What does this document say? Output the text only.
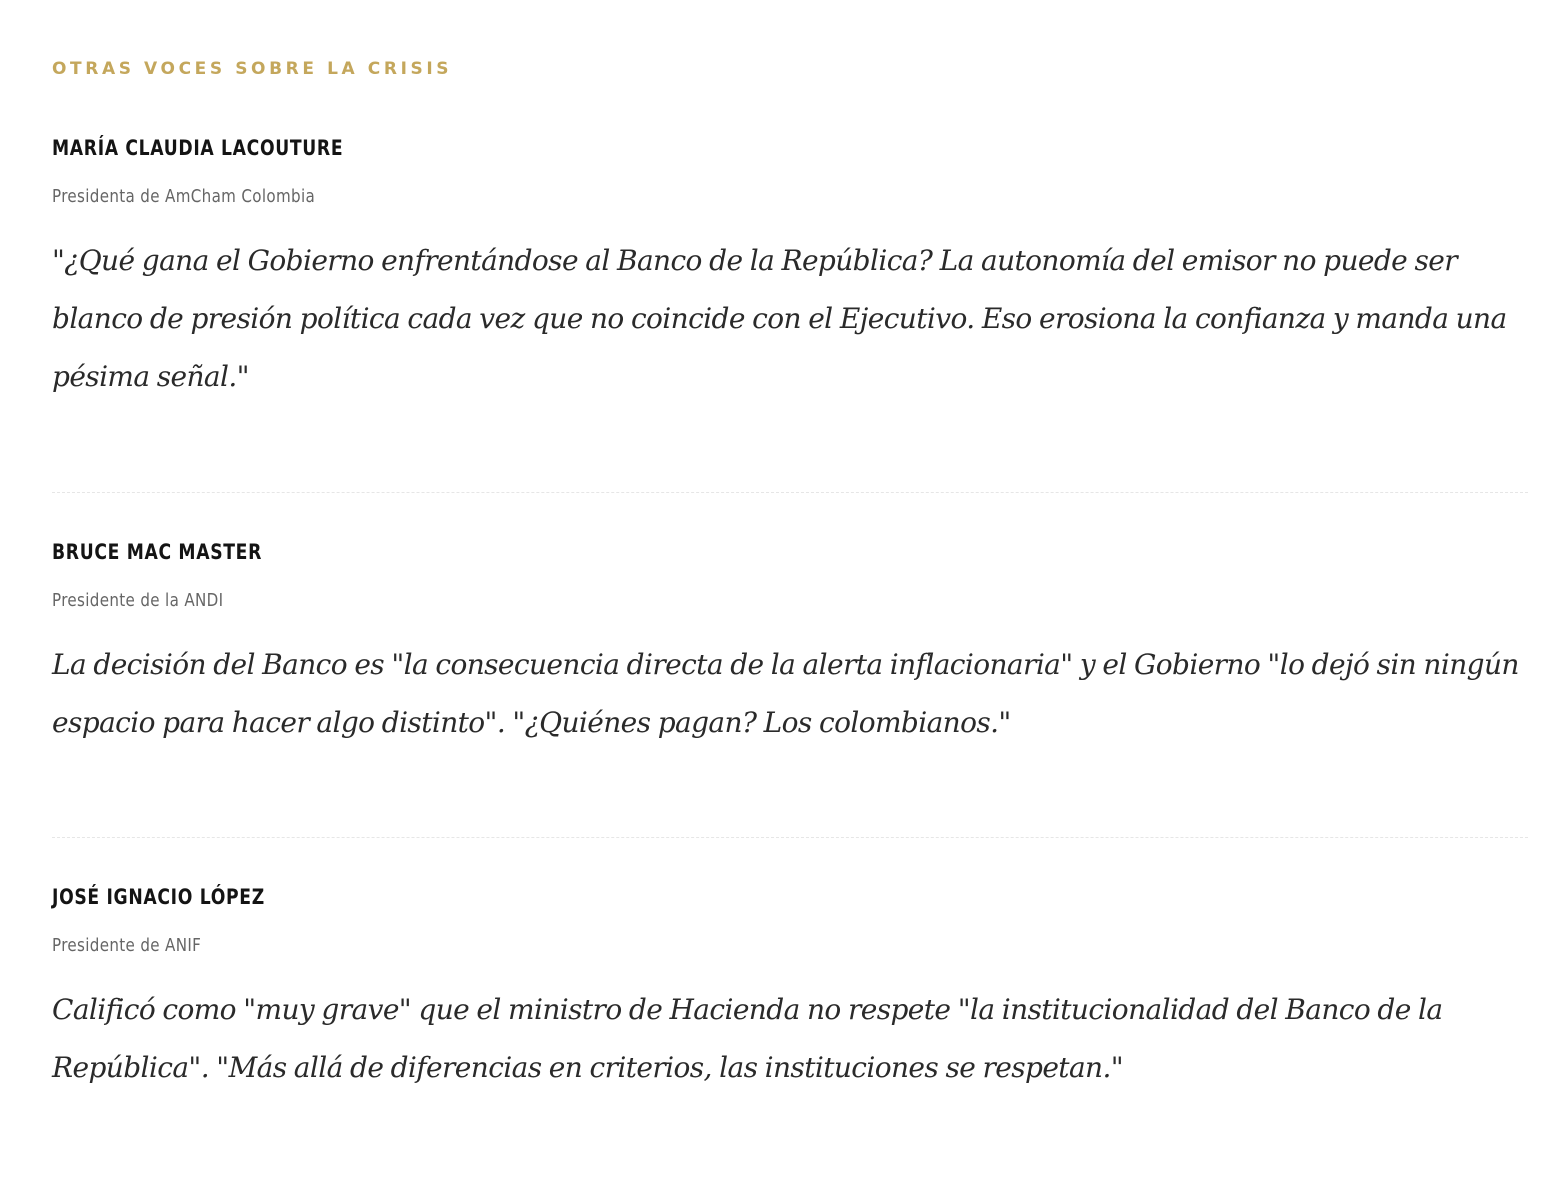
OTRAS VOCES SOBRE LA CRISIS
MARÍA CLAUDIA LACOUTURE

Presidenta de AmCham Colombia

"¿Qué gana el Gobierno enfrentándose al Banco de la República? La autonomía del emisor no puede ser blanco de presión política cada vez que no coincide con el Ejecutivo. Eso erosiona la confianza y manda una pésima señal."

BRUCE MAC MASTER

Presidente de la ANDI

La decisión del Banco es "la consecuencia directa de la alerta inflacionaria" y el Gobierno "lo dejó sin ningún espacio para hacer algo distinto". "¿Quiénes pagan? Los colombianos."

JOSÉ IGNACIO LÓPEZ

Presidente de ANIF

Calificó como "muy grave" que el ministro de Hacienda no respete "la institucionalidad del Banco de la República". "Más allá de diferencias en criterios, las instituciones se respetan."
